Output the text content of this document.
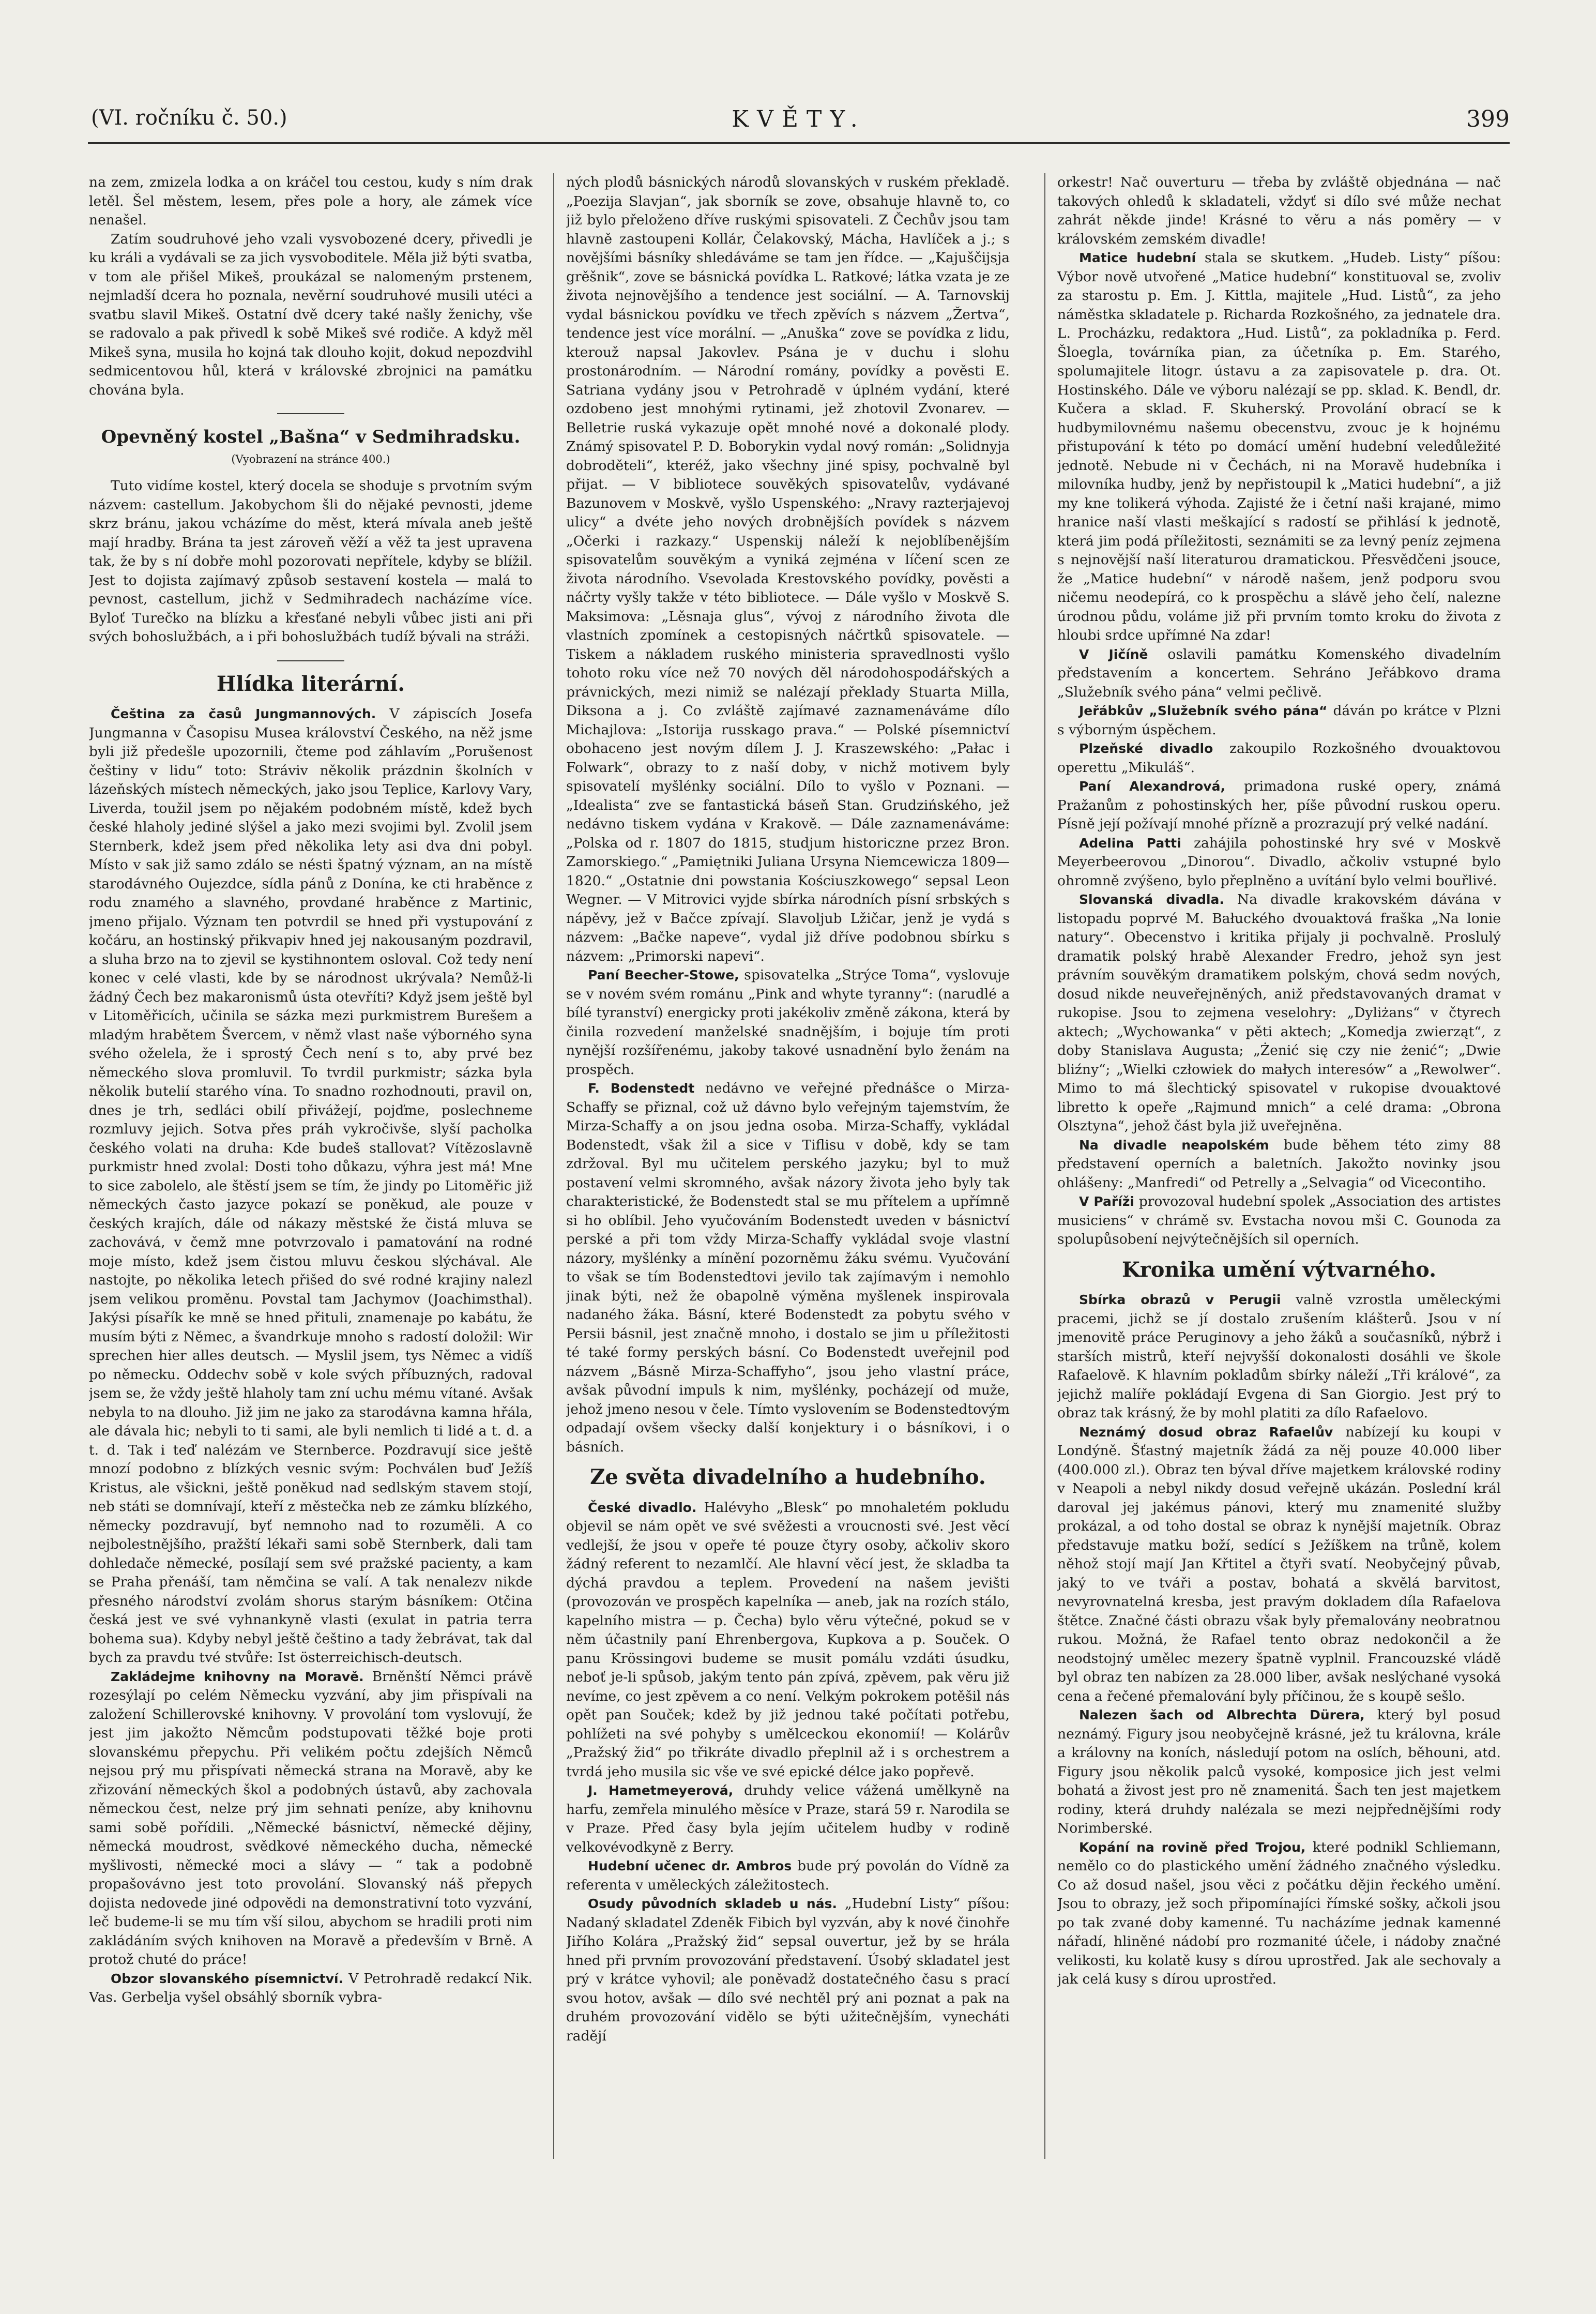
(VI. ročníku č. 50.)	KVĚTY.	399

na zem, zmizela lodka a on kráčel tou cestou, kudy s ním drak letěl. Šel městem, lesem, přes pole a hory, ale zámek více nenašel.

Zatím soudruhové jeho vzali vysvobozené dcery, přivedli je ku králi a vydávali se za jich vysvoboditele. Měla již býti svatba, v tom ale přišel Mikeš, proukázal se nalomeným prstenem, nejmladší dcera ho poznala, nevěrní soudruhové musili utéci a svatbu slavil Mikeš. Ostatní dvě dcery také našly ženichy, vše se radovalo a pak přivedl k sobě Mikeš své rodiče. A když měl Mikeš syna, musila ho kojná tak dlouho kojit, dokud nepozdvihl sedmicentovou hůl, která v královské zbrojnici na památku chována byla.

Opevněný kostel „Bašna“ v Sedmihradsku.
(Vyobrazení na stránce 400.)

Tuto vidíme kostel, který docela se shoduje s prvotním svým názvem: castellum. Jakobychom šli do nějaké pevnosti, jdeme skrz bránu, jakou vcházíme do měst, která mívala aneb ještě mají hradby. Brána ta jest zároveň věží a věž ta jest upravena tak, že by s ní dobře mohl pozorovati nepřítele, kdyby se blížil. Jest to dojista zajímavý způsob sestavení kostela — malá to pevnost, castellum, jichž v Sedmihradech nacházíme více. Byloť Turečko na blízku a křesťané nebyli vůbec jisti ani při svých bohoslužbách, a i při bohoslužbách tudíž bývali na stráži.

Hlídka literární.

Čeština za časů Jungmannových. V zápiscích Josefa Jungmanna v Časopisu Musea království Českého, na něž jsme byli již předešle upozornili, čteme pod záhlavím „Porušenost češtiny v lidu“ toto: Stráviv několik prázdnin školních v lázeňských místech německých, jako jsou Teplice, Karlovy Vary, Liverda, toužil jsem po nějakém podobném místě, kdež bych české hlaholy jediné slýšel a jako mezi svojimi byl. Zvolil jsem Sternberk, kdež jsem před několika lety asi dva dni pobyl. Místo v sak již samo zdálo se nésti špatný význam, an na místě starodávného Oujezdce, sídla pánů z Donína, ke cti hraběnce z rodu znamého a slavného, provdané hraběnce z Martinic, jmeno přijalo. Význam ten potvrdil se hned při vystupování z kočáru, an hostinský přikvapiv hned jej nakousaným pozdravil, a sluha brzo na to zjevil se kystihnontem osloval. Což tedy není konec v celé vlasti, kde by se národnost ukrývala? Nemůž-li žádný Čech bez makaronismů ústa otevříti? Když jsem ještě byl v Litoměřicích, učinila se sázka mezi purkmistrem Burešem a mladým hrabětem Švercem, v němž vlast naše výborného syna svého oželela, že i sprostý Čech není s to, aby prvé bez německého slova promluvil. To tvrdil purkmistr; sázka byla několik butelií starého vína. To snadno rozhodnouti, pravil on, dnes je trh, sedláci obilí přivážejí, pojďme, poslechneme rozmluvy jejich. Sotva přes práh vykročivše, slyší pacholka českého volati na druha: Kde budeš stallovat? Vítězoslavně purkmistr hned zvolal: Dosti toho důkazu, výhra jest má! Mne to sice zabolelo, ale štěstí jsem se tím, že jindy po Litoměřic již německých často jazyce pokazí se poněkud, ale pouze v českých krajích, dále od nákazy městské že čistá mluva se zachovává, v čemž mne potvrzovalo i pamatování na rodné moje místo, kdež jsem čistou mluvu českou slýchával. Ale nastojte, po několika letech přišed do své rodné krajiny nalezl jsem velikou proměnu. Povstal tam Jachymov (Joachimsthal). Jakýsi písařík ke mně se hned přituli, znamenaje po kabátu, že musím býti z Němec, a švandrkuje mnoho s radostí doložil: Wir sprechen hier alles deutsch. — Myslil jsem, tys Němec a vidíš po německu. Oddechv sobě v kole svých příbuzných, radoval jsem se, že vždy ještě hlaholy tam zní uchu mému vítané. Avšak nebyla to na dlouho. Již jim ne jako za starodávna kamna hřála, ale dávala hic; nebyli to ti sami, ale byli nemlich ti lidé a t. d. a t. d. Tak i teď nalézám ve Sternberce. Pozdravují sice ještě mnozí podobno z blízkých vesnic svým: Pochválen buď Ježíš Kristus, ale všickni, ještě poněkud nad sedlským stavem stojí, neb státi se domnívají, kteří z městečka neb ze zámku blízkého, německy pozdravují, byť nemnoho nad to rozuměli. A co nejbolestnějšího, pražští lékaři sami sobě Sternberk, dali tam dohledače německé, posílají sem své pražské pacienty, a kam se Praha přenáší, tam němčina se valí. A tak nenalezv nikde přesného národství zvolám shorus starým básníkem: Otčina česká jest ve své vyhnankyně vlasti (exulat in patria terra bohema sua). Kdyby nebyl ještě češtino a tady žebrávat, tak dal bych za pravdu tvé stvůře: Ist österreichisch-deutsch.

Zakládejme knihovny na Moravě. Brněnští Němci právě rozesýlají po celém Německu vyzvání, aby jim přispívali na založení Schillerovské knihovny. V provolání tom vyslovují, že jest jim jakožto Němcům podstupovati těžké boje proti slovanskému přepychu. Při velikém počtu zdejších Němců nejsou prý mu přispívati německá strana na Moravě, aby ke zřizování německých škol a podobných ústavů, aby zachovala německou čest, nelze prý jim sehnati peníze, aby knihovnu sami sobě pořídili. „Německé básnictví, německé dějiny, německá moudrost, svědkové německého ducha, německé myšlivosti, německé moci a slávy — “ tak a podobně propašovávno jest toto provolání. Slovanský náš přepych dojista nedovede jiné odpovědi na demonstrativní toto vyzvání, leč budeme-li se mu tím vší silou, abychom se hradili proti nim zakládáním svých knihoven na Moravě a především v Brně. A protož chuté do práce!

Obzor slovanského písemnictví. V Petrohradě redakcí Nik. Vas. Gerbelja vyšel obsáhlý sborník vybra-

ných plodů básnických národů slovanských v ruském překladě. „Poezija Slavjan“, jak sborník se zove, obsahuje hlavně to, co již bylo přeloženo dříve ruskými spisovateli. Z Čechův jsou tam hlavně zastoupeni Kollár, Čelakovský, Mácha, Havlíček a j.; s novějšími básníky shledáváme se tam jen řídce. — „Kajuščijsja grěšnik“, zove se básnická povídka L. Ratkové; látka vzata je ze života nejnovějšího a tendence jest sociální. — A. Tarnovskij vydal básnickou povídku ve třech zpěvích s názvem „Žertva“, tendence jest více morální. — „Anuška“ zove se povídka z lidu, kterouž napsal Jakovlev. Psána je v duchu i slohu prostonárodním. — Národní romány, povídky a pověsti E. Satriana vydány jsou v Petrohradě v úplném vydání, které ozdobeno jest mnohými rytinami, jež zhotovil Zvonarev. — Belletrie ruská vykazuje opět mnohé nové a dokonalé plody. Známý spisovatel P. D. Boborykin vydal nový román: „Solidnyja dobroděteli“, kteréž, jako všechny jiné spisy, pochvalně byl přijat. — V bibliotece souvěkých spisovatelův, vydávané Bazunovem v Moskvě, vyšlo Uspenského: „Nravy razterjajevoj ulicy“ a dvéte jeho nových drobnějších povídek s názvem „Očerki i razkazy.“ Uspenskij náleží k nejoblíbenějším spisovatelům souvěkým a vyniká zejména v líčení scen ze života národního. Vsevolada Krestovského povídky, pověsti a náčrty vyšly takže v této bibliotece. — Dále vyšlo v Moskvě S. Maksimova: „Lěsnaja glus“, vývoj z národního života dle vlastních zpomínek a cestopisných náčrtků spisovatele. — Tiskem a nákladem ruského ministeria spravedlnosti vyšlo tohoto roku více než 70 nových děl národohospodářských a právnických, mezi nimiž se nalézají překlady Stuarta Milla, Diksona a j. Co zvláště zajímavé zaznamenáváme dílo Michajlova: „Istorija russkago prava.“ — Polské písemnictví obohaceno jest novým dílem J. J. Kraszewského: „Pałac i Folwark“, obrazy to z naší doby, v nichž motivem byly spisovatelí myšlénky sociální. Dílo to vyšlo v Poznani. — „Idealista“ zve se fantastická báseň Stan. Grudzińského, jež nedávno tiskem vydána v Krakově. — Dále zaznamenáváme: „Polska od r. 1807 do 1815, studjum historiczne przez Bron. Zamorskiego.“ „Pamiętniki Juliana Ursyna Niemcewicza 1809—1820.“ „Ostatnie dni powstania Kościuszkowego“ sepsal Leon Wegner. — V Mitrovici vyjde sbírka národních písní srbských s nápěvy, jež v Bačce zpívají. Slavoljub Lžičar, jenž je vydá s názvem: „Bačke napeve“, vydal již dříve podobnou sbírku s názvem: „Primorski napevi“.

Paní Beecher-Stowe, spisovatelka „Strýce Toma“, vyslovuje se v novém svém románu „Pink and whyte tyranny“: (narudlé a bílé tyranství) energicky proti jakékoliv změně zákona, která by činila rozvedení manželské snadnějším, i bojuje tím proti nynější rozšířenému, jakoby takové usnadnění bylo ženám na prospěch.

F. Bodenstedt nedávno ve veřejné přednášce o Mirza-Schaffy se přiznal, což už dávno bylo veřejným tajemstvím, že Mirza-Schaffy a on jsou jedna osoba. Mirza-Schaffy, vykládal Bodenstedt, však žil a sice v Tiflisu v době, kdy se tam zdržoval. Byl mu učitelem perského jazyku; byl to muž postavení velmi skromného, avšak názory života jeho byly tak charakteristické, že Bodenstedt stal se mu přítelem a upřímně si ho oblíbil. Jeho vyučováním Bodenstedt uveden v básnictví perské a při tom vždy Mirza-Schaffy vykládal svoje vlastní názory, myšlénky a mínění pozorněmu žáku svému. Vyučování to však se tím Bodenstedtovi jevilo tak zajímavým i nemohlo jinak býti, než že obapolně výměna myšlenek inspirovala nadaného žáka. Básní, které Bodenstedt za pobytu svého v Persii básnil, jest značně mnoho, i dostalo se jim u příležitosti té také formy perských básní. Co Bodenstedt uveřejnil pod názvem „Básně Mirza-Schaffyho“, jsou jeho vlastní práce, avšak původní impuls k nim, myšlénky, pocházejí od muže, jehož jmeno nesou v čele. Tímto vyslovením se Bodenstedtovým odpadají ovšem všecky další konjektury i o básníkovi, i o básních.

Ze světa divadelního a hudebního.

České divadlo. Halévyho „Blesk“ po mnohaletém pokludu objevil se nám opět ve své svěžesti a vroucnosti své. Jest věcí vedlejší, že jsou v opeře té pouze čtyry osoby, ačkoliv skoro žádný referent to nezamlčí. Ale hlavní věcí jest, že skladba ta dýchá pravdou a teplem. Provedení na našem jevišti (provozován ve prospěch kapelníka — aneb, jak na rozích stálo, kapelního mistra — p. Čecha) bylo věru výtečné, pokud se v něm účastnily paní Ehrenbergova, Kupkova a p. Souček. O panu Krössingovi budeme se musit pomálu vzdáti úsudku, neboť je-li spůsob, jakým tento pán zpívá, zpěvem, pak věru již nevíme, co jest zpěvem a co není. Velkým pokrokem potěšil nás opět pan Souček; kdež by již jednou také počítati potřebu, pohlížeti na své pohyby s umělceckou ekonomií! — Kolárův „Pražský žid“ po třikráte divadlo přeplnil až i s orchestrem a tvrdá jeho musila sic vše ve své epické délce jako popřevě.

J. Hametmeyerová, druhdy velice vážená umělkyně na harfu, zemřela minulého měsíce v Praze, stará 59 r. Narodila se v Praze. Před časy byla jejím učitelem hudby v rodině velkovévodkyně z Berry.

Hudební učenec dr. Ambros bude prý povolán do Vídně za referenta v uměleckých záležitostech.

Osudy původních skladeb u nás. „Hudební Listy“ píšou: Nadaný skladatel Zdeněk Fibich byl vyzván, aby k nové činohře Jiřího Kolára „Pražský žid“ sepsal ouvertur, jež by se hrála hned při prvním provozování představení. Úsobý skladatel jest prý v krátce vyhovil; ale poněvadž dostatečného času s prací svou hotov, avšak — dílo své nechtěl prý ani poznat a pak na druhém provozování vidělo se býti užitečnějším, vynecháti radějí

orkestr! Nač ouverturu — třeba by zvláště objednána — nač takových ohledů k skladateli, vždyť si dílo své může nechat zahrát někde jinde! Krásné to věru a nás poměry — v královském zemském divadle!

Matice hudební stala se skutkem. „Hudeb. Listy“ píšou: Výbor nově utvořené „Matice hudební“ konstituoval se, zvoliv za starostu p. Em. J. Kittla, majitele „Hud. Listů“, za jeho náměstka skladatele p. Richarda Rozkošného, za jednatele drа. L. Procházku, redaktora „Hud. Listů“, za pokladníka p. Ferd. Šloegla, továrníka pian, za účetníka p. Em. Starého, spolumajitele litogr. ústavu a za zapisovatele p. dra. Ot. Hostinského. Dále ve výboru nalézají se pp. sklad. K. Bendl, dr. Kučera a sklad. F. Skuherský. Provolání obrací se k hudbymilovnému našemu obecenstvu, zvouc je k hojnému přistupování k této po domácí umění hudební veledůležité jednotě. Nebude ni v Čechách, ni na Moravě hudebníka i milovníka hudby, jenž by nepřistoupil k „Matici hudební“, a již my kne tolikerá výhoda. Zajisté že i četní naši krajané, mimo hranice naší vlasti meškající s radostí se přihlásí k jednotě, která jim podá příležitosti, seznámiti se za levný peníz zejmena s nejnovější naší literaturou dramatickou. Přesvědčeni jsouce, že „Matice hudební“ v národě našem, jenž podporu svou ničemu neodepírá, co k prospěchu a slávě jeho čelí, nalezne úrodnou půdu, voláme již při prvním tomto kroku do života z hloubi srdce upřímné Na zdar!

V Jičíně oslavili památku Komenského divadelním představením a koncertem. Sehráno Jeřábkovo drama „Služebník svého pána“ velmi pečlivě.

Jeřábkův „Služebník svého pána“ dáván po krátce v Plzni s výborným úspěchem.

Plzeňské divadlo zakoupilo Rozkošného dvouaktovou operettu „Mikuláš“.

Paní Alexandrová, primadona ruské opery, známá Pražanům z pohostinských her, píše původní ruskou operu. Písně její požívají mnohé přízně a prozrazují prý velké nadání.

Adelina Patti zahájila pohostinské hry své v Moskvě Meyerbeerovou „Dinorou“. Divadlo, ačkoliv vstupné bylo ohromně zvýšeno, bylo přeplněno a uvítání bylo velmi bouřlivé.

Slovanská divadla. Na divadle krakovském dávána v listopadu poprvé M. Bałuckého dvouaktová fraška „Na lonie natury“. Obecenstvo i kritika přijaly ji pochvalně. Proslulý dramatik polský hrabě Alexander Fredro, jehož syn jest právním souvěkým dramatikem polským, chová sedm nových, dosud nikde neuveřejněných, aniž představovaných dramat v rukopise. Jsou to zejmena veselohry: „Dyliżans“ v čtyrech aktech; „Wychowanka“ v pěti aktech; „Komedja zwierząt“, z doby Stanislava Augusta; „Żenić się czy nie żenić“; „Dwie bliźny“; „Wielki człowiek do małych interesów“ a „Rewolwer“. Mimo to má šlechtický spisovatel v rukopise dvouaktové libretto k opeře „Rajmund mnich“ a celé drama: „Obrona Olsztyna“, jehož část byla již uveřejněna.

Na divadle neapolském bude během této zimy 88 představení operních a baletních. Jakožto novinky jsou ohlášeny: „Manfredi“ od Petrelly a „Selvagia“ od Vicecontiho.

V Paříži provozoval hudební spolek „Association des artistes musiciens“ v chrámě sv. Evstacha novou mši C. Gounoda za spolupůsobení nejvýtečnějších sil operních.

Kronika umění výtvarného.

Sbírka obrazů v Perugii valně vzrostla uměleckými pracemi, jichž se jí dostalo zrušením klášterů. Jsou v ní jmenovitě práce Peruginovy a jeho žáků a současníků, nýbrž i starších mistrů, kteří nejvyšší dokonalosti dosáhli ve škole Rafaelově. K hlavním pokladům sbírky náleží „Tři králové“, za jejichž malíře pokládají Evgena di San Giorgio. Jest prý to obraz tak krásný, že by mohl platiti za dílo Rafaelovo.

Neznámý dosud obraz Rafaelův nabízejí ku koupi v Londýně. Šťastný majetník žádá za něj pouze 40.000 liber (400.000 zl.). Obraz ten býval dříve majetkem královské rodiny v Neapoli a nebyl nikdy dosud veřejně ukázán. Poslední král daroval jej jakémus pánovi, který mu znamenité služby prokázal, a od toho dostal se obraz k nynější majetník. Obraz představuje matku boží, sedící s Ježíškem na trůně, kolem něhož stojí mají Jan Křtitel a čtyři svatí. Neobyčejný půvab, jaký to ve tváři a postav, bohatá a skvělá barvitost, nevyrovnatelná kresba, jest pravým dokladem díla Rafaelova štětce. Značné části obrazu však byly přemalovány neobratnou rukou. Možná, že Rafael tento obraz nedokončil a že neodstojný umělec mezery špatně vyplnil. Francouzské vládě byl obraz ten nabízen za 28.000 liber, avšak neslýchané vysoká cena a řečené přemalování byly příčinou, že s koupě sešlo.

Nalezen šach od Albrechta Dürera, který byl posud neznámý. Figury jsou neobyčejně krásné, jež tu královna, krále a královny na koních, následují potom na oslích, běhouni, atd. Figury jsou několik palců vysoké, komposice jich jest velmi bohatá a živost jest pro ně znamenitá. Šach ten jest majetkem rodiny, která druhdy nalézala se mezi nejpřednějšími rody Norimberské.

Kopání na rovině před Trojou, které podnikl Schliemann, nemělo co do plastického umění žádného značného výsledku. Co až dosud našel, jsou věci z počátku dějin řeckého umění. Jsou to obrazy, jež soch připomínajíci římské sošky, ačkoli jsou po tak zvané doby kamenné. Tu nacházíme jednak kamenné nářadí, hliněné nádobí pro rozmanité účele, i nádoby značné velikosti, ku kolatě kusy s dírou uprostřed. Jak ale sechovaly a jak celá kusy s dírou uprostřed.
